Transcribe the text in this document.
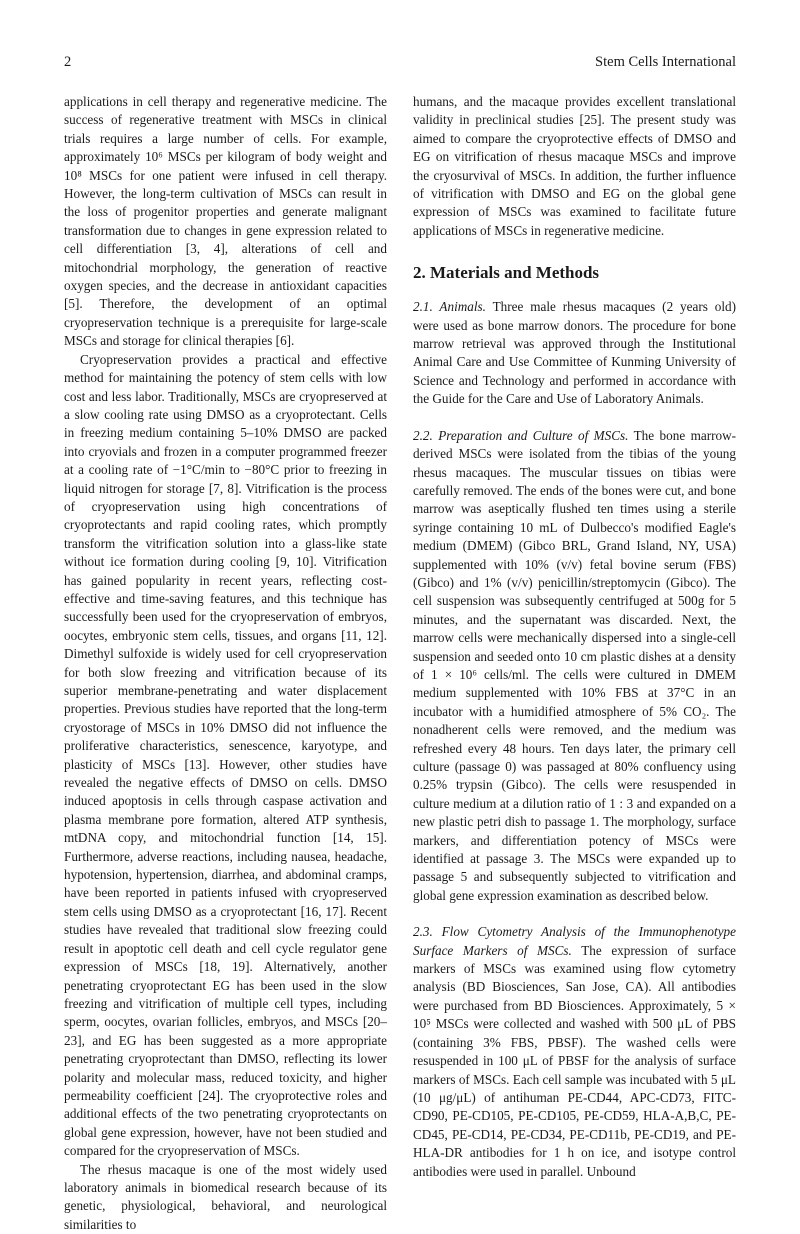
2	Stem Cells International

applications in cell therapy and regenerative medicine. The success of regenerative treatment with MSCs in clinical trials requires a large number of cells. For example, approximately 10⁶ MSCs per kilogram of body weight and 10⁸ MSCs for one patient were infused in cell therapy. However, the long-term cultivation of MSCs can result in the loss of progenitor properties and generate malignant transformation due to changes in gene expression related to cell differentiation [3, 4], alterations of cell and mitochondrial morphology, the generation of reactive oxygen species, and the decrease in antioxidant capacities [5]. Therefore, the development of an optimal cryopreservation technique is a prerequisite for large-scale MSCs and storage for clinical therapies [6].

Cryopreservation provides a practical and effective method for maintaining the potency of stem cells with low cost and less labor. Traditionally, MSCs are cryopreserved at a slow cooling rate using DMSO as a cryoprotectant. Cells in freezing medium containing 5–10% DMSO are packed into cryovials and frozen in a computer programmed freezer at a cooling rate of −1°C/min to −80°C prior to freezing in liquid nitrogen for storage [7, 8]. Vitrification is the process of cryopreservation using high concentrations of cryoprotectants and rapid cooling rates, which promptly transform the vitrification solution into a glass-like state without ice formation during cooling [9, 10]. Vitrification has gained popularity in recent years, reflecting cost-effective and time-saving features, and this technique has successfully been used for the cryopreservation of embryos, oocytes, embryonic stem cells, tissues, and organs [11, 12]. Dimethyl sulfoxide is widely used for cell cryopreservation for both slow freezing and vitrification because of its superior membrane-penetrating and water displacement properties. Previous studies have reported that the long-term cryostorage of MSCs in 10% DMSO did not influence the proliferative characteristics, senescence, karyotype, and plasticity of MSCs [13]. However, other studies have revealed the negative effects of DMSO on cells. DMSO induced apoptosis in cells through caspase activation and plasma membrane pore formation, altered ATP synthesis, mtDNA copy, and mitochondrial function [14, 15]. Furthermore, adverse reactions, including nausea, headache, hypotension, hypertension, diarrhea, and abdominal cramps, have been reported in patients infused with cryopreserved stem cells using DMSO as a cryoprotectant [16, 17]. Recent studies have revealed that traditional slow freezing could result in apoptotic cell death and cell cycle regulator gene expression of MSCs [18, 19]. Alternatively, another penetrating cryoprotectant EG has been used in the slow freezing and vitrification of multiple cell types, including sperm, oocytes, ovarian follicles, embryos, and MSCs [20–23], and EG has been suggested as a more appropriate penetrating cryoprotectant than DMSO, reflecting its lower polarity and molecular mass, reduced toxicity, and higher permeability coefficient [24]. The cryoprotective roles and additional effects of the two penetrating cryoprotectants on global gene expression, however, have not been studied and compared for the cryopreservation of MSCs.

The rhesus macaque is one of the most widely used laboratory animals in biomedical research because of its genetic, physiological, behavioral, and neurological similarities to

humans, and the macaque provides excellent translational validity in preclinical studies [25]. The present study was aimed to compare the cryoprotective effects of DMSO and EG on vitrification of rhesus macaque MSCs and improve the cryosurvival of MSCs. In addition, the further influence of vitrification with DMSO and EG on the global gene expression of MSCs was examined to facilitate future applications of MSCs in regenerative medicine.

2. Materials and Methods

2.1. Animals. Three male rhesus macaques (2 years old) were used as bone marrow donors. The procedure for bone marrow retrieval was approved through the Institutional Animal Care and Use Committee of Kunming University of Science and Technology and performed in accordance with the Guide for the Care and Use of Laboratory Animals.

2.2. Preparation and Culture of MSCs. The bone marrow-derived MSCs were isolated from the tibias of the young rhesus macaques. The muscular tissues on tibias were carefully removed. The ends of the bones were cut, and bone marrow was aseptically flushed ten times using a sterile syringe containing 10 mL of Dulbecco's modified Eagle's medium (DMEM) (Gibco BRL, Grand Island, NY, USA) supplemented with 10% (v/v) fetal bovine serum (FBS) (Gibco) and 1% (v/v) penicillin/streptomycin (Gibco). The cell suspension was subsequently centrifuged at 500g for 5 minutes, and the supernatant was discarded. Next, the marrow cells were mechanically dispersed into a single-cell suspension and seeded onto 10 cm plastic dishes at a density of 1 × 10⁶ cells/ml. The cells were cultured in DMEM medium supplemented with 10% FBS at 37°C in an incubator with a humidified atmosphere of 5% CO₂. The nonadherent cells were removed, and the medium was refreshed every 48 hours. Ten days later, the primary cell culture (passage 0) was passaged at 80% confluency using 0.25% trypsin (Gibco). The cells were resuspended in culture medium at a dilution ratio of 1 : 3 and expanded on a new plastic petri dish to passage 1. The morphology, surface markers, and differentiation potency of MSCs were identified at passage 3. The MSCs were expanded up to passage 5 and subsequently subjected to vitrification and global gene expression examination as described below.

2.3. Flow Cytometry Analysis of the Immunophenotype Surface Markers of MSCs. The expression of surface markers of MSCs was examined using flow cytometry analysis (BD Biosciences, San Jose, CA). All antibodies were purchased from BD Biosciences. Approximately, 5 × 10⁵ MSCs were collected and washed with 500 μL of PBS (containing 3% FBS, PBSF). The washed cells were resuspended in 100 μL of PBSF for the analysis of surface markers of MSCs. Each cell sample was incubated with 5 μL (10 μg/μL) of antihuman PE-CD44, APC-CD73, FITC-CD90, PE-CD105, PE-CD105, PE-CD59, HLA-A,B,C, PE-CD45, PE-CD14, PE-CD34, PE-CD11b, PE-CD19, and PE-HLA-DR antibodies for 1 h on ice, and isotype control antibodies were used in parallel. Unbound
